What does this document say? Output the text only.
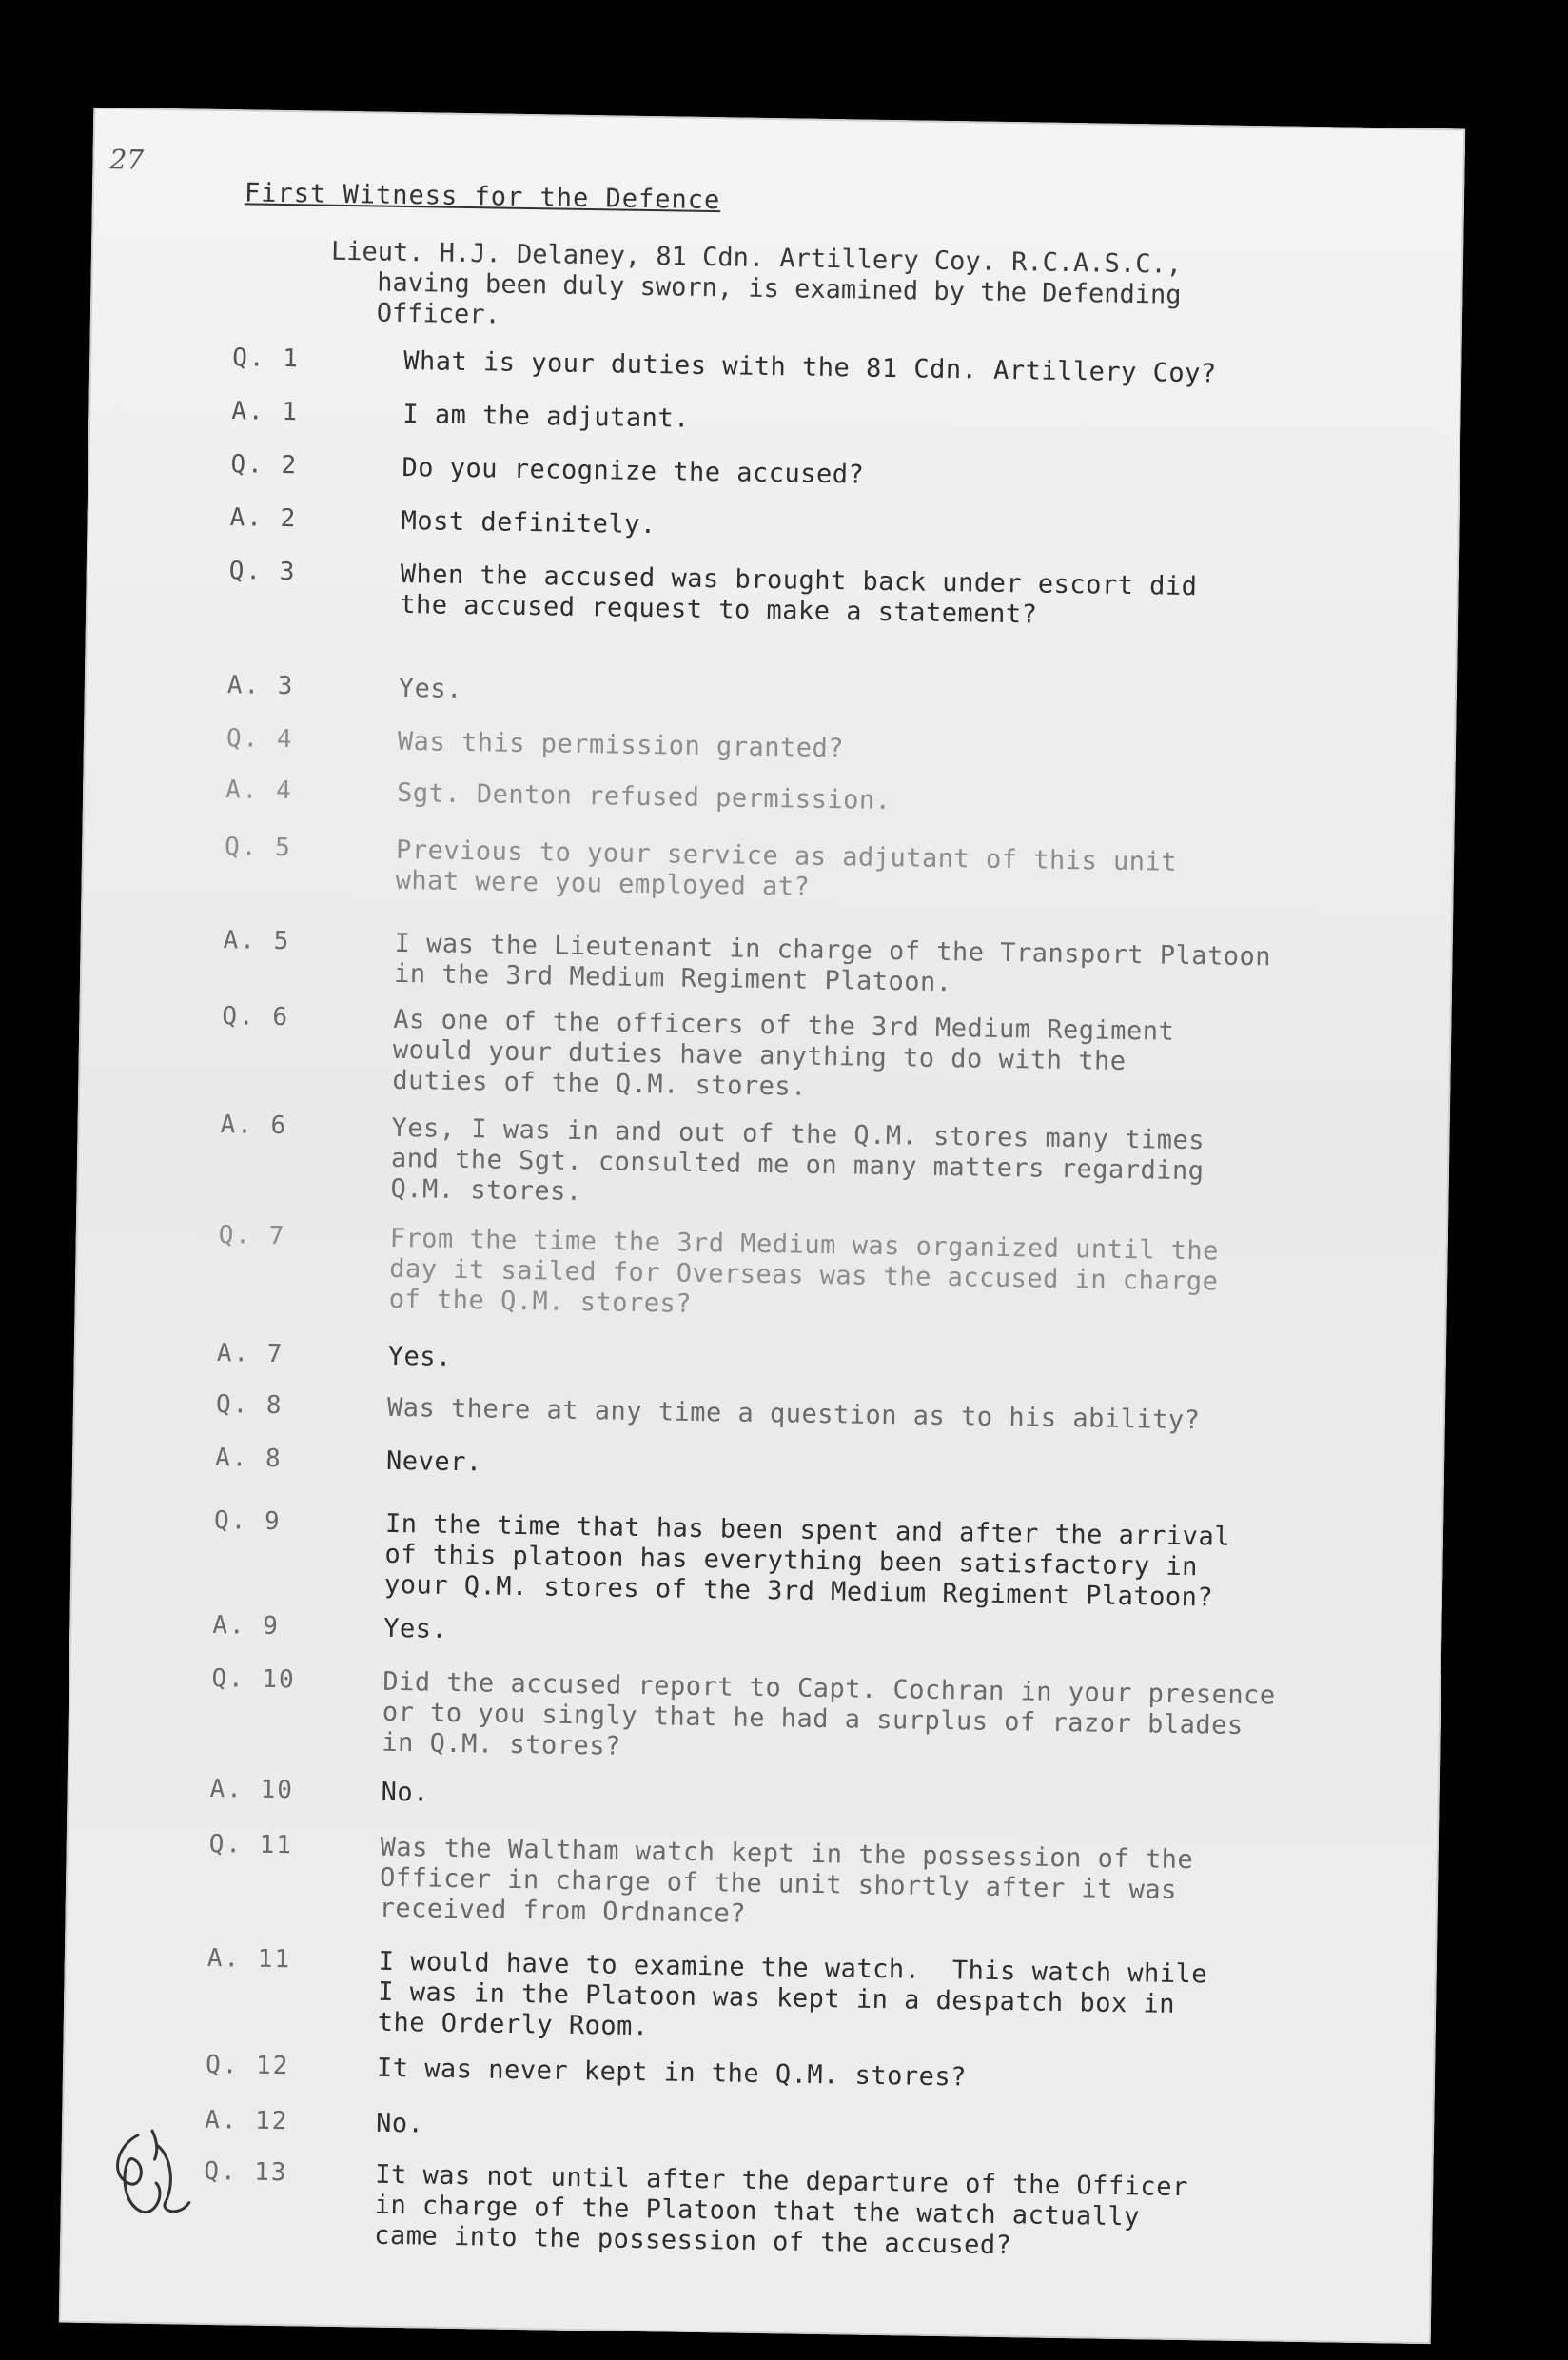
27
First Witness for the Defence
Lieut. H.J. Delaney, 81 Cdn. Artillery Coy. R.C.A.S.C.,
having been duly sworn, is examined by the Defending
Officer.
Q. 1	What is your duties with the 81 Cdn. Artillery Coy?
A. 1	I am the adjutant.
Q. 2	Do you recognize the accused?
A. 2	Most definitely.
Q. 3	When the accused was brought back under escort did
the accused request to make a statement?
A. 3	Yes.
Q. 4	Was this permission granted?
A. 4	Sgt. Denton refused permission.
Q. 5	Previous to your service as adjutant of this unit
what were you employed at?
A. 5	I was the Lieutenant in charge of the Transport Platoon
in the 3rd Medium Regiment Platoon.
Q. 6	As one of the officers of the 3rd Medium Regiment
would your duties have anything to do with the
duties of the Q.M. stores.
A. 6	Yes, I was in and out of the Q.M. stores many times
and the Sgt. consulted me on many matters regarding
Q.M. stores.
Q. 7	From the time the 3rd Medium was organized until the
day it sailed for Overseas was the accused in charge
of the Q.M. stores?
A. 7	Yes.
Q. 8	Was there at any time a question as to his ability?
A. 8	Never.
Q. 9	In the time that has been spent and after the arrival
of this platoon has everything been satisfactory in
your Q.M. stores of the 3rd Medium Regiment Platoon?
A. 9	Yes.
Q. 10	Did the accused report to Capt. Cochran in your presence
or to you singly that he had a surplus of razor blades
in Q.M. stores?
A. 10	No.
Q. 11	Was the Waltham watch kept in the possession of the
Officer in charge of the unit shortly after it was
received from Ordnance?
A. 11	I would have to examine the watch.  This watch while
I was in the Platoon was kept in a despatch box in
the Orderly Room.
Q. 12	It was never kept in the Q.M. stores?
A. 12	No.
Q. 13	It was not until after the departure of the Officer
in charge of the Platoon that the watch actually
came into the possession of the accused?
